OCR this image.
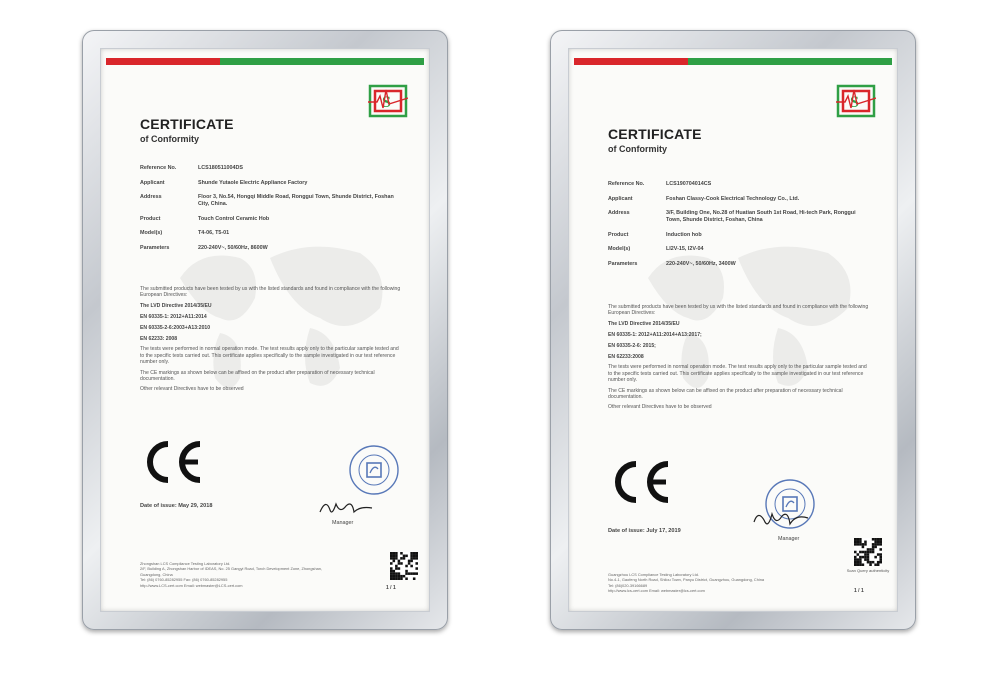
S
CERTIFICATE
of Conformity
Reference No.	LCS180511004DS
Applicant	Shunde Yutaole Electric Appliance Factory
Address	Floor 3, No.54, Hongqi Middle Road, Ronggui Town, Shunde District, Foshan City, China.
Product	Touch Control Ceramic Hob
Model(s)	T4-06, T5-01
Parameters	220-240V~, 50/60Hz, 8600W
The submitted products have been tested by us with the listed standards and found in compliance with the following European Directives:
The LVD Directive 2014/35/EU
EN 60335-1: 2012+A11:2014
EN 60335-2-6:2003+A13:2010
EN 62233: 2008
The tests were performed in normal operation mode. The test results apply only to the particular sample tested and to the specific tests carried out. This certificate applies specifically to the sample investigated in our test reference number only.
The CE markings as shown below can be affixed on the product after preparation of necessary technical documentation.
Other relevant Directives have to be observed
Date of issue: May 29, 2018
Manager
Zhongshan LCS Compliance Testing Laboratory Ltd.
2/F, Building A, Zhongshan Harbor of IDEAS, No. 25 Gangyi Road, Torch Development Zone, Zhongshan,
Guangdong, China
Tel: (86) 0760-85282955 Fax: (86) 0760-85282955
http://www.LCS-cert.com Email: webmaster@LCS-cert.com	1 / 1
S
CERTIFICATE
of Conformity
Reference No.	LCS190704014CS
Applicant	Foshan Classy-Cook Electrical Technology Co., Ltd.
Address	3/F, Building One, No.28 of Huatian South 1st Road, Hi-tech Park, Ronggui Town, Shunde District, Foshan, China
Product	Induction hob
Model(s)	LI2V-15, I2V-04
Parameters	220-240V~, 50/60Hz, 3400W
The submitted products have been tested by us with the listed standards and found in compliance with the following European Directives:
The LVD Directive 2014/35/EU
EN 60335-1: 2012+A11:2014+A13:2017;
EN 60335-2-6: 2015;
EN 62233:2008
The tests were performed in normal operation mode. The test results apply only to the particular sample tested and to the specific tests carried out. This certificate applies specifically to the sample investigated in our test reference number only.
The CE markings as shown below can be affixed on the product after preparation of necessary technical documentation.
Other relevant Directives have to be observed
Date of issue: July 17, 2019
Manager
Guangzhou LCS Compliance Testing Laboratory Ltd.
No.4-1, Gaofeng North Road, Shilou Town, Panyu District, Guangzhou, Guangdong, China
Tel: (86)020-39166689
http://www.lcs-cert.com Email: webmaster@lcs-cert.com
Scan Query authenticity
1 / 1
